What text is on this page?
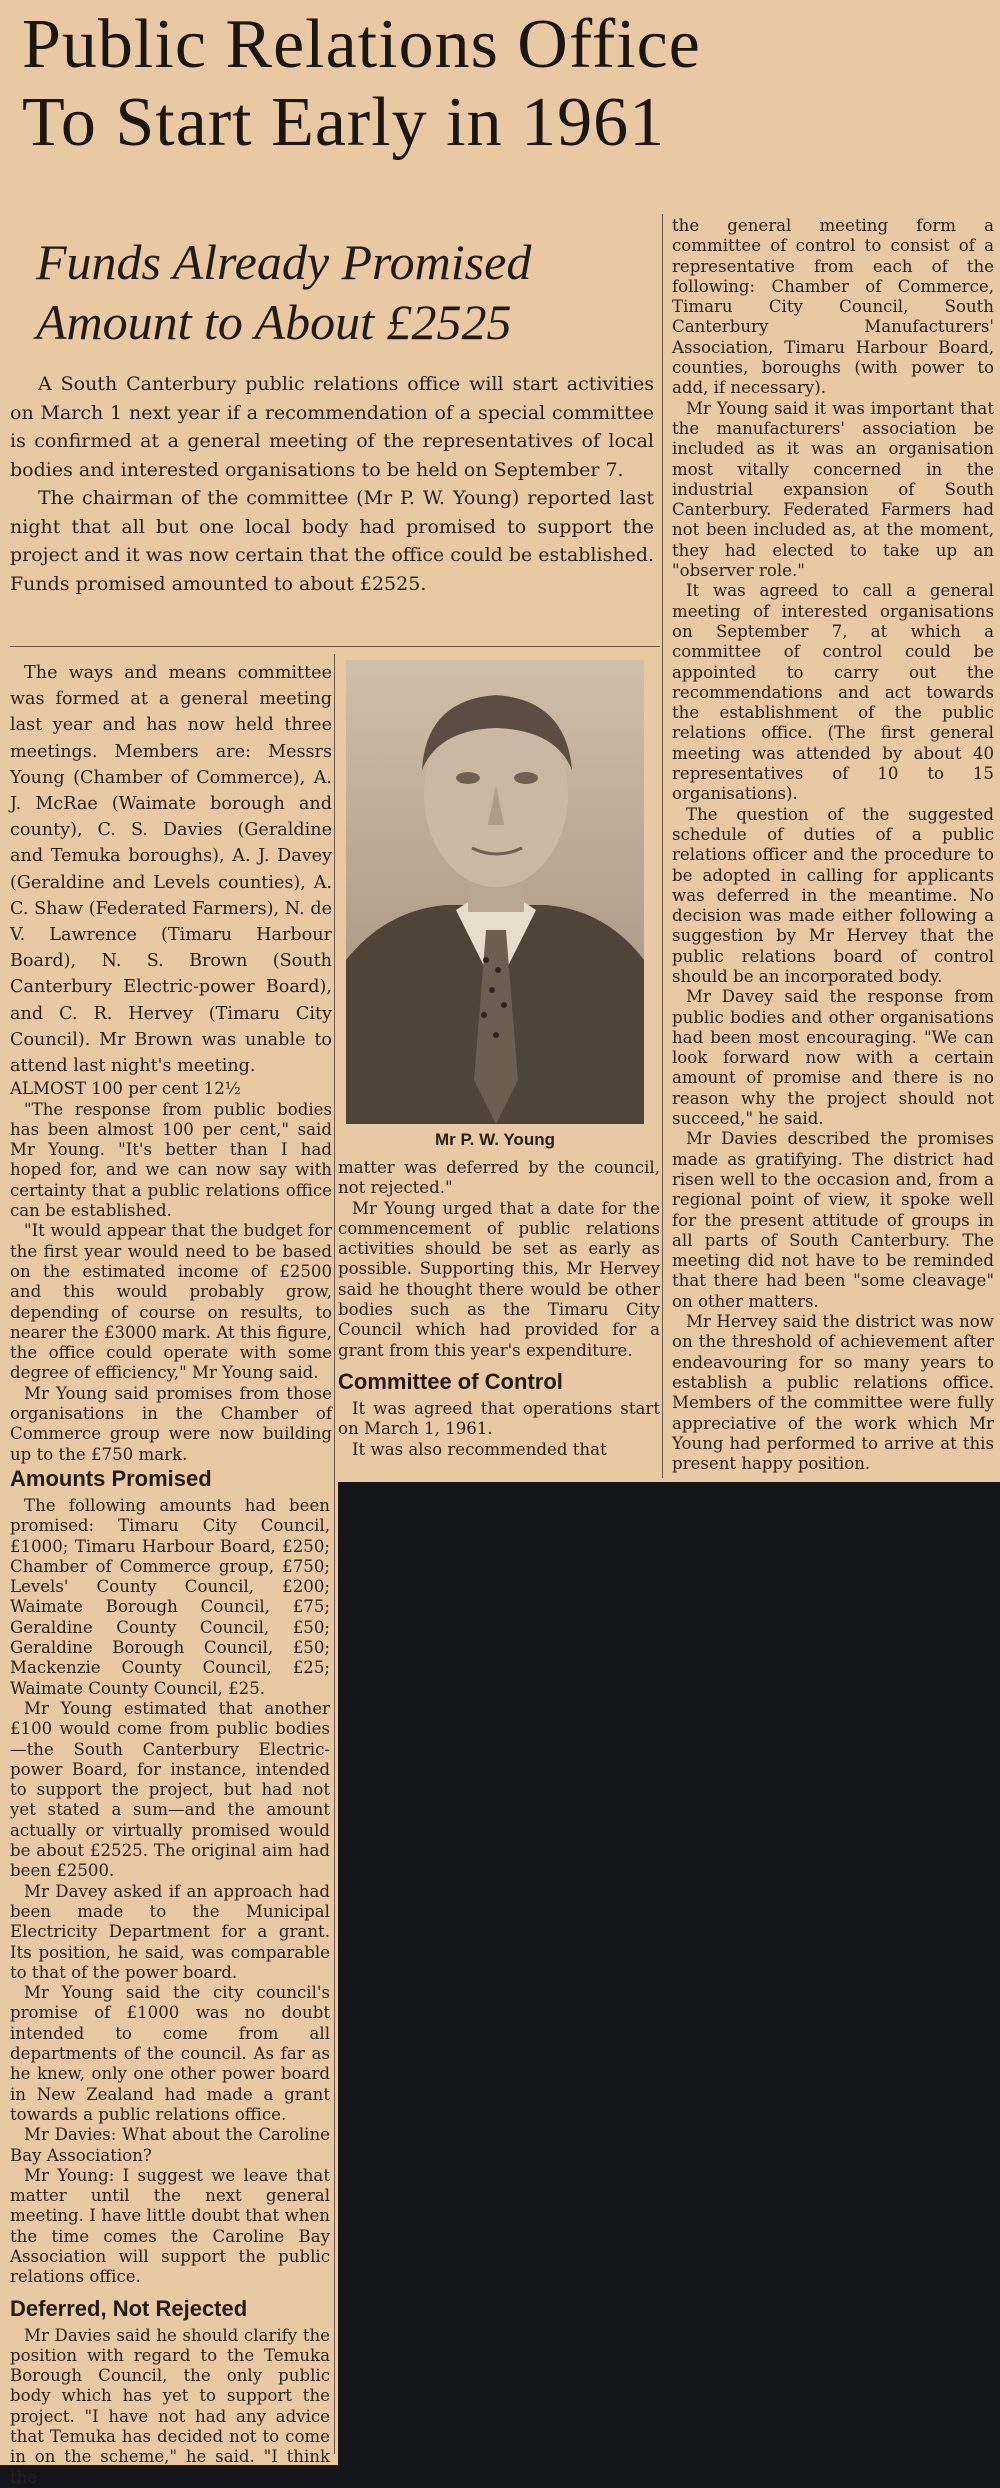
Public Relations Office
To Start Early in 1961
Funds Already Promised
Amount to About £2525

A South Canterbury public relations office will start activities on March 1 next year if a recommendation of a special committee is confirmed at a general meeting of the representatives of local bodies and interested organisations to be held on September 7.

The chairman of the committee (Mr P. W. Young) reported last night that all but one local body had promised to support the project and it was now certain that the office could be established. Funds promised amounted to about £2525.

The ways and means committee was formed at a general meeting last year and has now held three meetings. Members are: Messrs Young (Chamber of Commerce), A. J. McRae (Waimate borough and county), C. S. Davies (Geraldine and Temuka boroughs), A. J. Davey (Geraldine and Levels counties), A. C. Shaw (Federated Farmers), N. de V. Lawrence (Timaru Harbour Board), N. S. Brown (South Canterbury Electric-power Board), and C. R. Hervey (Timaru City Council). Mr Brown was unable to attend last night's meeting.

ALMOST 100 per cent 12½

"The response from public bodies has been almost 100 per cent," said Mr Young. "It's better than I had hoped for, and we can now say with certainty that a public relations office can be established.

"It would appear that the budget for the first year would need to be based on the estimated income of £2500 and this would probably grow, depending of course on results, to nearer the £3000 mark. At this figure, the office could operate with some degree of efficiency," Mr Young said.

Mr Young said promises from those organisations in the Chamber of Commerce group were now building up to the £750 mark.

Amounts Promised

The following amounts had been promised: Timaru City Council, £1000; Timaru Harbour Board, £250; Chamber of Commerce group, £750; Levels' County Council, £200; Waimate Borough Council, £75; Geraldine County Council, £50; Geraldine Borough Council, £50; Mackenzie County Council, £25; Waimate County Council, £25.

Mr Young estimated that another £100 would come from public bodies—the South Canterbury Electric-power Board, for instance, intended to support the project, but had not yet stated a sum—and the amount actually or virtually promised would be about £2525. The original aim had been £2500.

Mr Davey asked if an approach had been made to the Municipal Electricity Department for a grant. Its position, he said, was comparable to that of the power board.

Mr Young said the city council's promise of £1000 was no doubt intended to come from all departments of the council. As far as he knew, only one other power board in New Zealand had made a grant towards a public relations office.

Mr Davies: What about the Caroline Bay Association?

Mr Young: I suggest we leave that matter until the next general meeting. I have little doubt that when the time comes the Caroline Bay Association will support the public relations office.

Deferred, Not Rejected

Mr Davies said he should clarify the position with regard to the Temuka Borough Council, the only public body which has yet to support the project. "I have not had any advice that Temuka has decided not to come in on the scheme," he said. "I think the

Mr P. W. Young

matter was deferred by the council, not rejected."

Mr Young urged that a date for the commencement of public relations activities should be set as early as possible. Supporting this, Mr Hervey said he thought there would be other bodies such as the Timaru City Council which had provided for a grant from this year's expenditure.

Committee of Control

It was agreed that operations start on March 1, 1961.

It was also recommended that

the general meeting form a committee of control to consist of a representative from each of the following: Chamber of Commerce, Timaru City Council, South Canterbury Manufacturers' Association, Timaru Harbour Board, counties, boroughs (with power to add, if necessary).

Mr Young said it was important that the manufacturers' association be included as it was an organisation most vitally concerned in the industrial expansion of South Canterbury. Federated Farmers had not been included as, at the moment, they had elected to take up an "observer role."

It was agreed to call a general meeting of interested organisations on September 7, at which a committee of control could be appointed to carry out the recommendations and act towards the establishment of the public relations office. (The first general meeting was attended by about 40 representatives of 10 to 15 organisations).

The question of the suggested schedule of duties of a public relations officer and the procedure to be adopted in calling for applicants was deferred in the meantime. No decision was made either following a suggestion by Mr Hervey that the public relations board of control should be an incorporated body.

Mr Davey said the response from public bodies and other organisations had been most encouraging. "We can look forward now with a certain amount of promise and there is no reason why the project should not succeed," he said.

Mr Davies described the promises made as gratifying. The district had risen well to the occasion and, from a regional point of view, it spoke well for the present attitude of groups in all parts of South Canterbury. The meeting did not have to be reminded that there had been "some cleavage" on other matters.

Mr Hervey said the district was now on the threshold of achievement after endeavouring for so many years to establish a public relations office. Members of the committee were fully appreciative of the work which Mr Young had performed to arrive at this present happy position.
